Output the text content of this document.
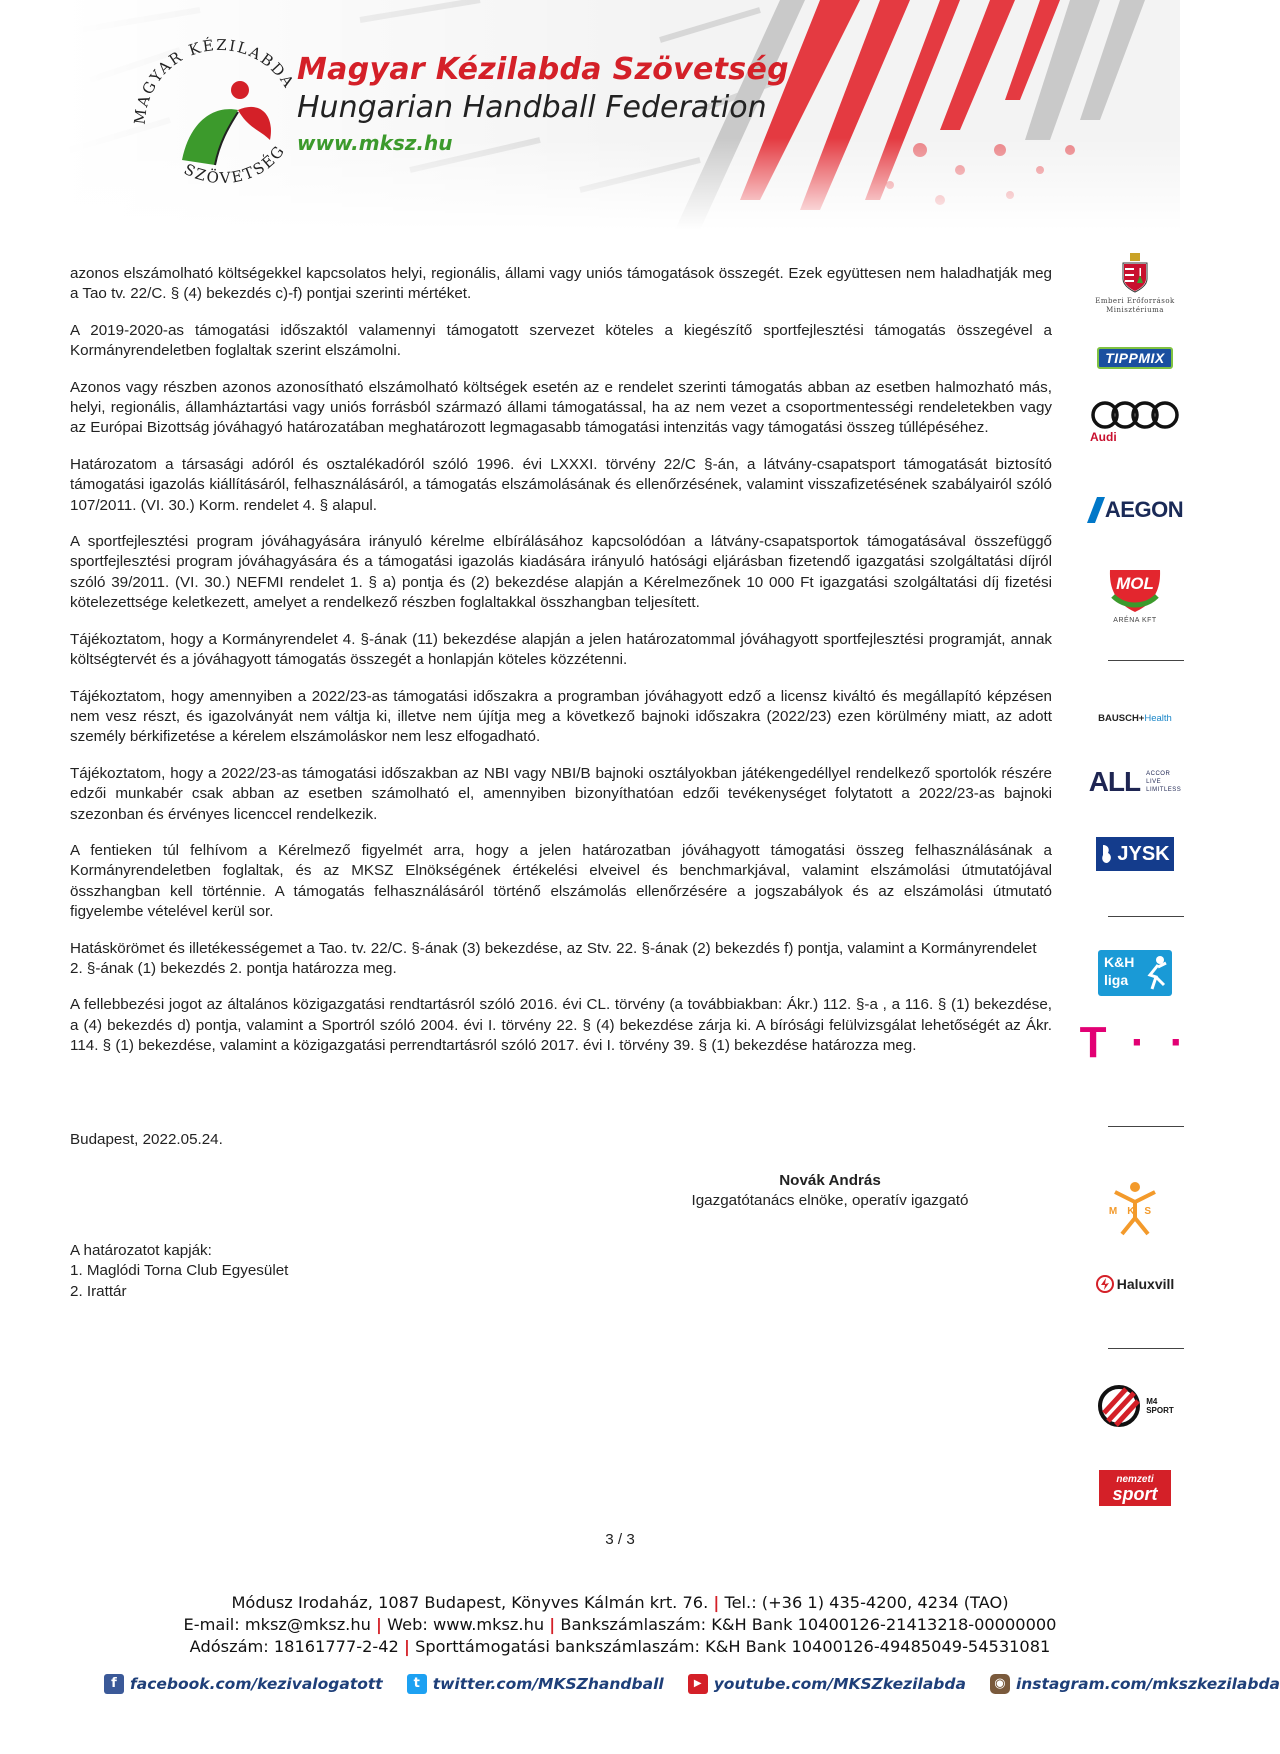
MAGYAR KÉZILABDA
SZÖVETSÉG
Magyar Kézilabda Szövetség
Hungarian Handball Federation
www.mksz.hu

azonos elszámolható költségekkel kapcsolatos helyi, regionális, állami vagy uniós támogatások összegét. Ezek együttesen nem haladhatják meg a Tao tv. 22/C. § (4) bekezdés c)-f) pontjai szerinti mértéket.

A 2019-2020-as támogatási időszaktól valamennyi támogatott szervezet köteles a kiegészítő sportfejlesztési támogatás összegével a Kormányrendeletben foglaltak szerint elszámolni.

Azonos vagy részben azonos azonosítható elszámolható költségek esetén az e rendelet szerinti támogatás abban az esetben halmozható más, helyi, regionális, államháztartási vagy uniós forrásból származó állami támogatással, ha az nem vezet a csoportmentességi rendeletekben vagy az Európai Bizottság jóváhagyó határozatában meghatározott legmagasabb támogatási intenzitás vagy támogatási összeg túllépéséhez.

Határozatom a társasági adóról és osztalékadóról szóló 1996. évi LXXXI. törvény 22/C §-án, a látvány-csapatsport támogatását biztosító támogatási igazolás kiállításáról, felhasználásáról, a támogatás elszámolásának és ellenőrzésének, valamint visszafizetésének szabályairól szóló 107/2011. (VI. 30.) Korm. rendelet 4. § alapul.

A sportfejlesztési program jóváhagyására irányuló kérelme elbírálásához kapcsolódóan a látvány-csapatsportok támogatásával összefüggő sportfejlesztési program jóváhagyására és a támogatási igazolás kiadására irányuló hatósági eljárásban fizetendő igazgatási szolgáltatási díjról szóló 39/2011. (VI. 30.) NEFMI rendelet 1. § a) pontja és (2) bekezdése alapján a Kérelmezőnek 10 000 Ft igazgatási szolgáltatási díj fizetési kötelezettsége keletkezett, amelyet a rendelkező részben foglaltakkal összhangban teljesített.

Tájékoztatom, hogy a Kormányrendelet 4. §-ának (11) bekezdése alapján a jelen határozatommal jóváhagyott sportfejlesztési programját, annak költségtervét és a jóváhagyott támogatás összegét a honlapján köteles közzétenni.

Tájékoztatom, hogy amennyiben a 2022/23-as támogatási időszakra a programban jóváhagyott edző a licensz kiváltó és megállapító képzésen nem vesz részt, és igazolványát nem váltja ki, illetve nem újítja meg a következő bajnoki időszakra (2022/23) ezen körülmény miatt, az adott személy bérkifizetése a kérelem elszámoláskor nem lesz elfogadható.

Tájékoztatom, hogy a 2022/23-as támogatási időszakban az NBI vagy NBI/B bajnoki osztályokban játékengedéllyel rendelkező sportolók részére edzői munkabér csak abban az esetben számolható el, amennyiben bizonyíthatóan edzői tevékenységet folytatott a 2022/23-as bajnoki szezonban és érvényes licenccel rendelkezik.

A fentieken túl felhívom a Kérelmező figyelmét arra, hogy a jelen határozatban jóváhagyott támogatási összeg felhasználásának a Kormányrendeletben foglaltak, és az MKSZ Elnökségének értékelési elveivel és benchmarkjával, valamint elszámolási útmutatójával összhangban kell történnie. A támogatás felhasználásáról történő elszámolás ellenőrzésére a jogszabályok és az elszámolási útmutató figyelembe vételével kerül sor.

Hatáskörömet és illetékességemet a Tao. tv. 22/C. §-ának (3) bekezdése, az Stv. 22. §-ának (2) bekezdés f) pontja, valamint a Kormányrendelet 2. §-ának (1) bekezdés 2. pontja határozza meg.

A fellebbezési jogot az általános közigazgatási rendtartásról szóló 2016. évi CL. törvény (a továbbiakban: Ákr.) 112. §-a , a 116. § (1) bekezdése, a (4) bekezdés d) pontja, valamint a Sportról szóló 2004. évi I. törvény 22. § (4) bekezdése zárja ki. A bírósági felülvizsgálat lehetőségét az Ákr. 114. § (1) bekezdése, valamint a közigazgatási perrendtartásról szóló 2017. évi I. törvény 39. § (1) bekezdése határozza meg.

Budapest, 2022.05.24.
Novák András
Igazgatótanács elnöke, operatív igazgató
A határozatot kapják:
1. Maglódi Torna Club Egyesület
2. Irattár
3 / 3
Emberi Erőforrások
Minisztériuma
TIPPMIX
Audi
AEGON
MOL
ARÉNA KFT
BAUSCH+Health
ALL ACCOR
LIVE
LIMITLESS
JYSK
K&H
liga
T · ·
MKS
Haluxvill
M4
SPORT
nemzeti
sport
Módusz Irodaház, 1087 Budapest, Könyves Kálmán krt. 76. | Tel.: (+36 1) 435-4200, 4234 (TAO)
E-mail: mksz@mksz.hu | Web: www.mksz.hu | Bankszámlaszám: K&H Bank 10400126-21413218-00000000
Adószám: 18161777-2-42 | Sporttámogatási bankszámlaszám: K&H Bank 10400126-49485049-54531081
f facebook.com/kezivalogatott	t twitter.com/MKSZhandball	▶ youtube.com/MKSZkezilabda	◉ instagram.com/mkszkezilabda
